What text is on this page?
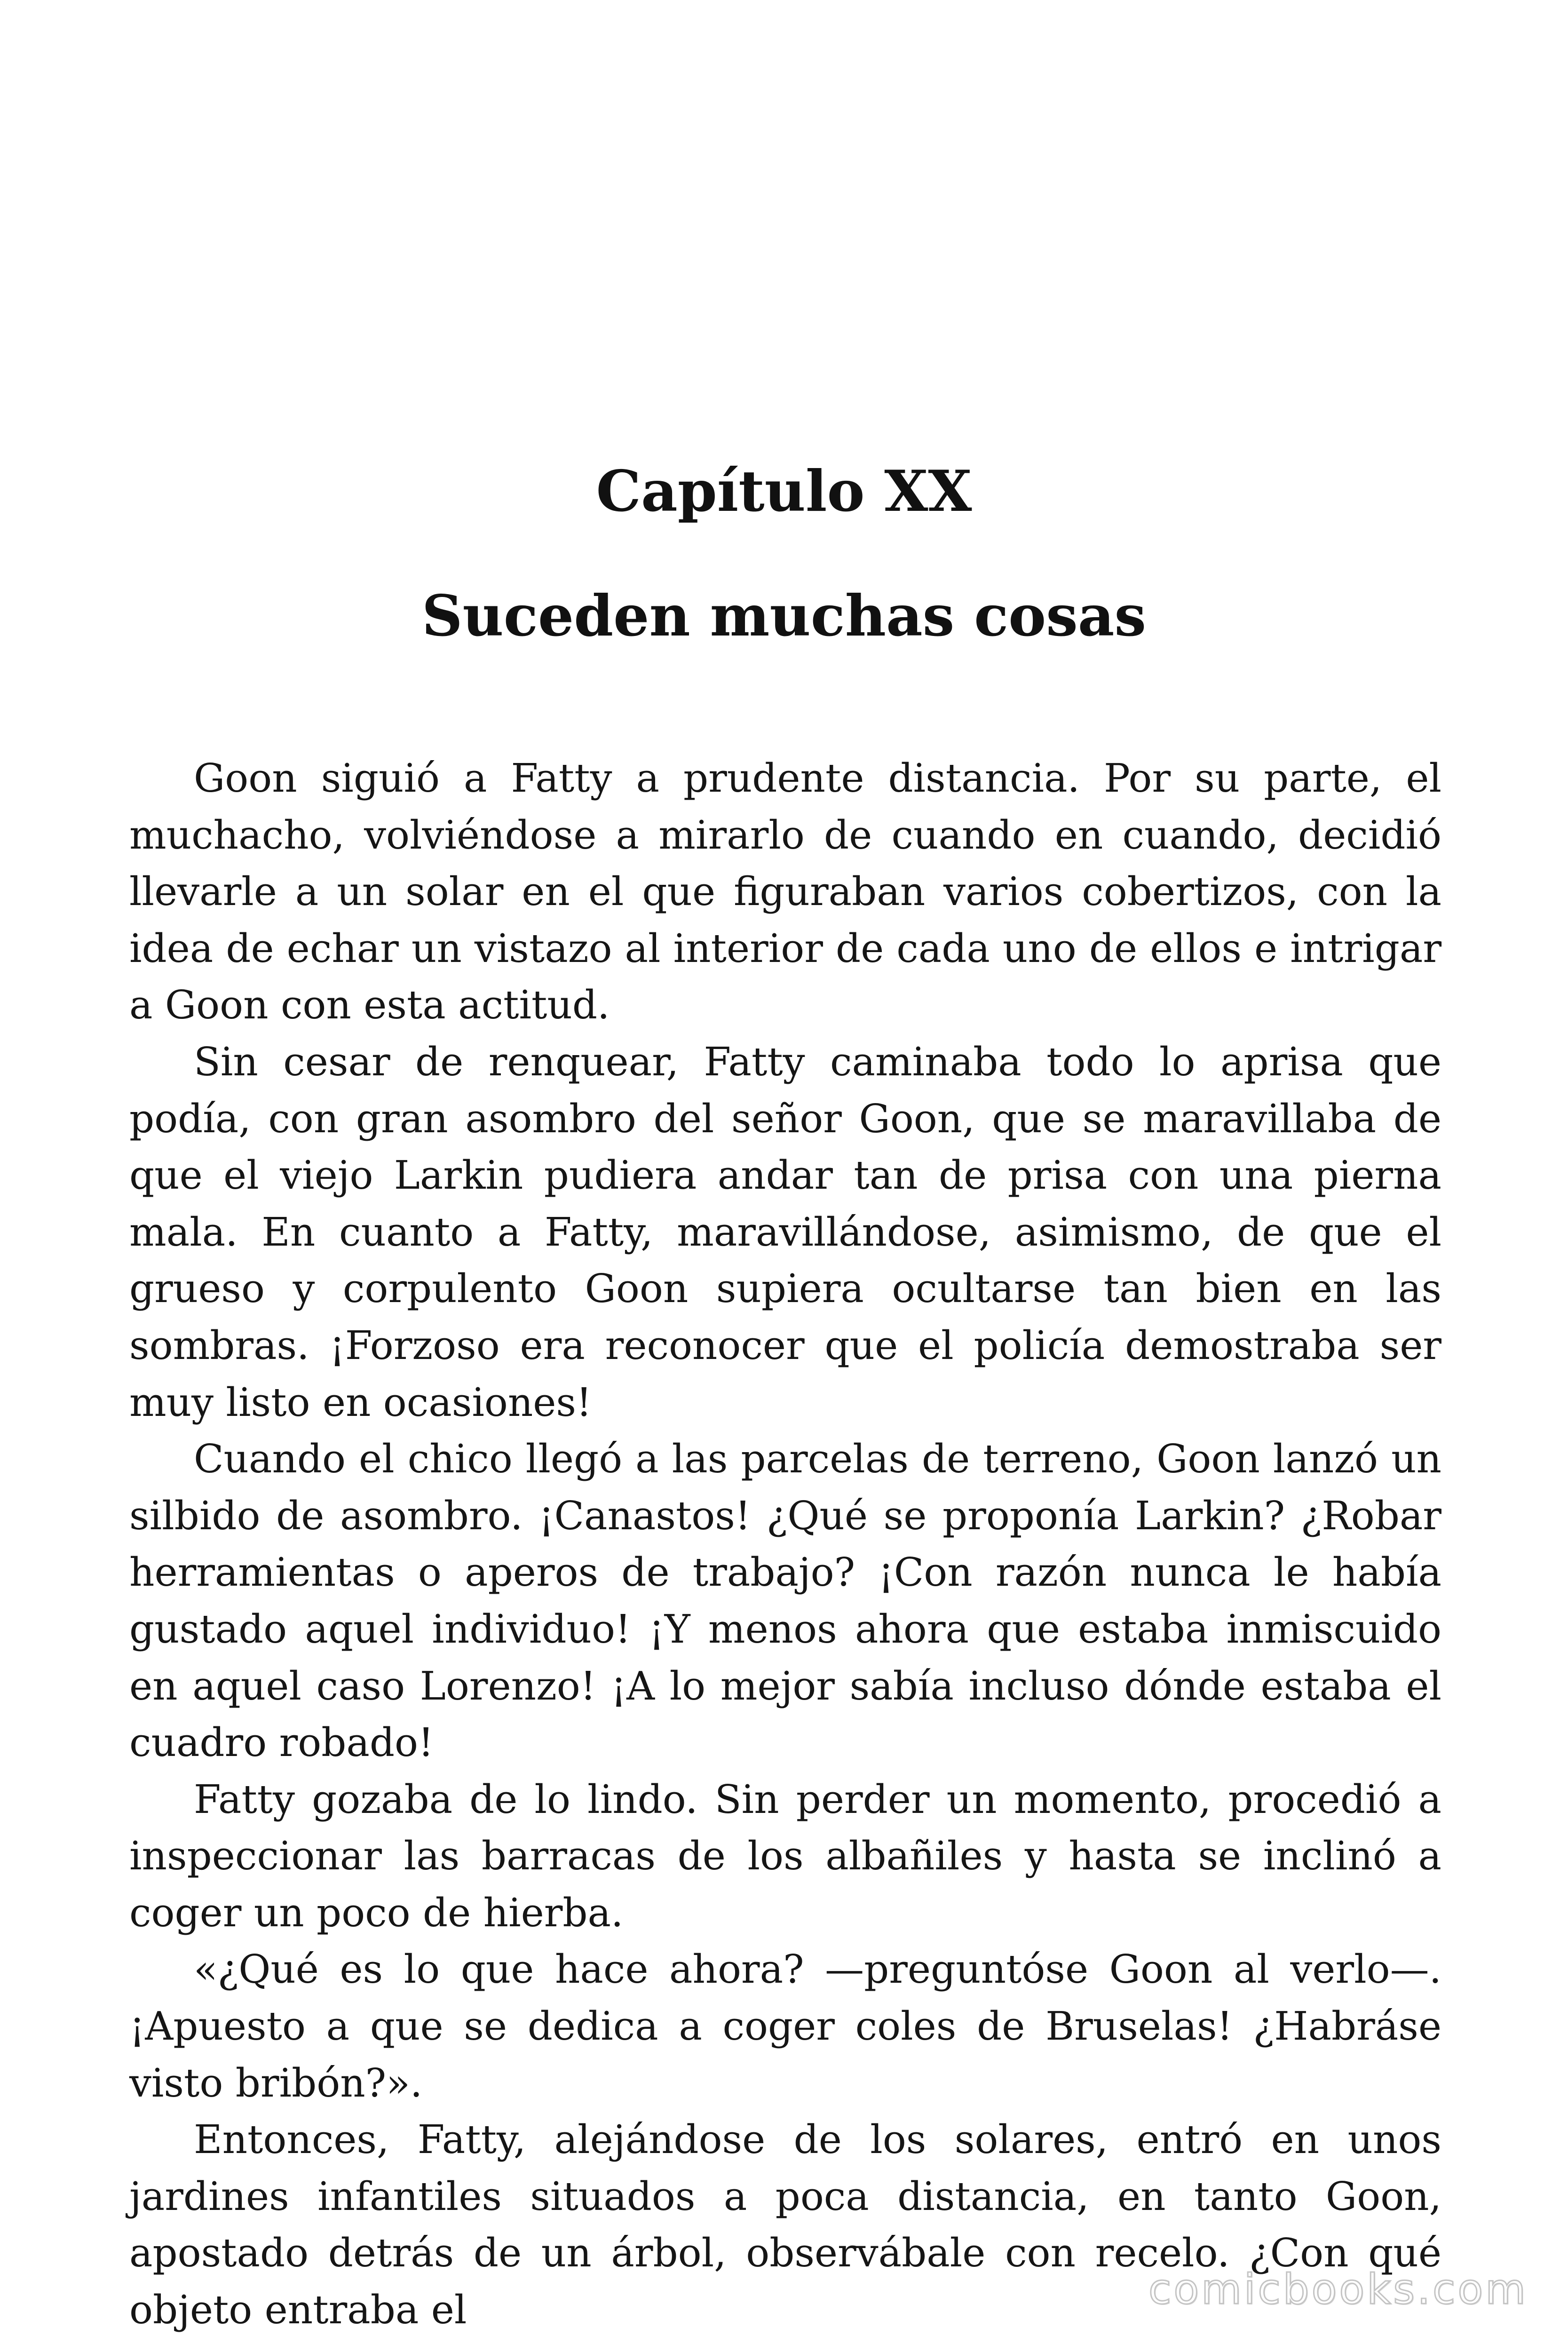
Capítulo XX
Suceden muchas cosas

Goon siguió a Fatty a prudente distancia. Por su parte, el muchacho, volviéndose a mirarlo de cuando en cuando, decidió llevarle a un solar en el que figuraban varios cobertizos, con la idea de echar un vistazo al interior de cada uno de ellos e intrigar a Goon con esta actitud.

Sin cesar de renquear, Fatty caminaba todo lo aprisa que podía, con gran asombro del señor Goon, que se maravillaba de que el viejo Larkin pudiera andar tan de prisa con una pierna mala. En cuanto a Fatty, maravillándose, asimismo, de que el grueso y corpulento Goon supiera ocultarse tan bien en las sombras. ¡Forzoso era reconocer que el policía demostraba ser muy listo en ocasiones!

Cuando el chico llegó a las parcelas de terreno, Goon lanzó un silbido de asombro. ¡Canastos! ¿Qué se proponía Larkin? ¿Robar herramientas o aperos de trabajo? ¡Con razón nunca le había gustado aquel individuo! ¡Y menos ahora que estaba inmiscuido en aquel caso Lorenzo! ¡A lo mejor sabía incluso dónde estaba el cuadro robado!

Fatty gozaba de lo lindo. Sin perder un momento, procedió a inspeccionar las barracas de los albañiles y hasta se inclinó a coger un poco de hierba.

«¿Qué es lo que hace ahora? —preguntóse Goon al verlo—. ¡Apuesto a que se dedica a coger coles de Bruselas! ¿Habráse visto bribón?».

Entonces, Fatty, alejándose de los solares, entró en unos jardines infantiles situados a poca distancia, en tanto Goon, apostado detrás de un árbol, observábale con recelo. ¿Con qué objeto entraba el	comicbooks.com
